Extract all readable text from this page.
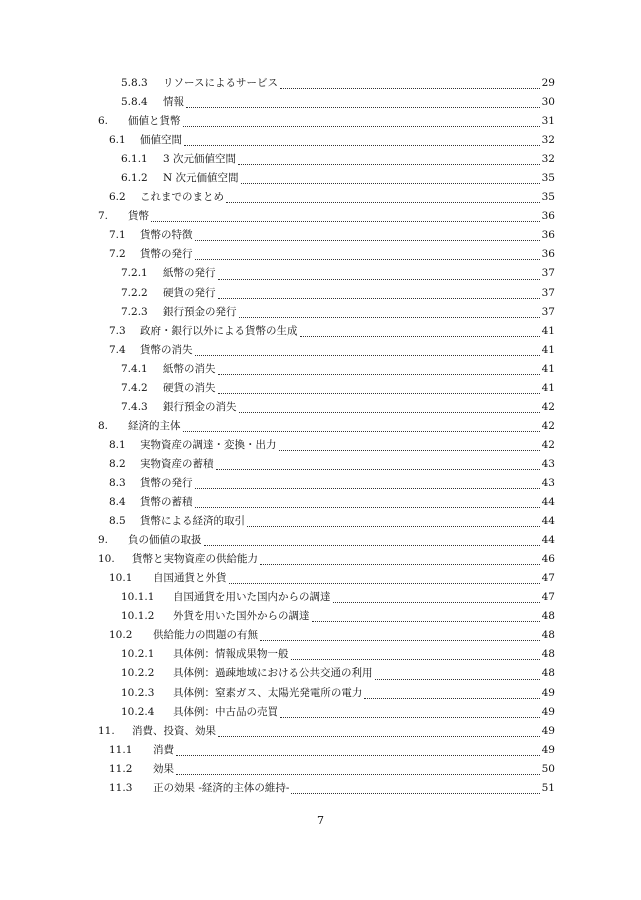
5.8.3 リソースによるサービス	29
5.8.4 情報	30
6. 価値と貨幣	31
6.1 価値空間	32
6.1.1 3 次元価値空間	32
6.1.2 N 次元価値空間	35
6.2 これまでのまとめ	35
7. 貨幣	36
7.1 貨幣の特徴	36
7.2 貨幣の発行	36
7.2.1 紙幣の発行	37
7.2.2 硬貨の発行	37
7.2.3 銀行預金の発行	37
7.3 政府・銀行以外による貨幣の生成	41
7.4 貨幣の消失	41
7.4.1 紙幣の消失	41
7.4.2 硬貨の消失	41
7.4.3 銀行預金の消失	42
8. 経済的主体	42
8.1 実物資産の調達・変換・出力	42
8.2 実物資産の蓄積	43
8.3 貨幣の発行	43
8.4 貨幣の蓄積	44
8.5 貨幣による経済的取引	44
9. 負の価値の取扱	44
10. 貨幣と実物資産の供給能力	46
10.1 自国通貨と外貨	47
10.1.1 自国通貨を用いた国内からの調達	47
10.1.2 外貨を用いた国外からの調達	48
10.2 供給能力の問題の有無	48
10.2.1 具体例：情報成果物一般	48
10.2.2 具体例：過疎地域における公共交通の利用	48
10.2.3 具体例：窒素ガス、太陽光発電所の電力	49
10.2.4 具体例：中古品の売買	49
11. 消費、投資、効果	49
11.1 消費	49
11.2 効果	50
11.3 正の効果 -経済的主体の維持-	51
7
